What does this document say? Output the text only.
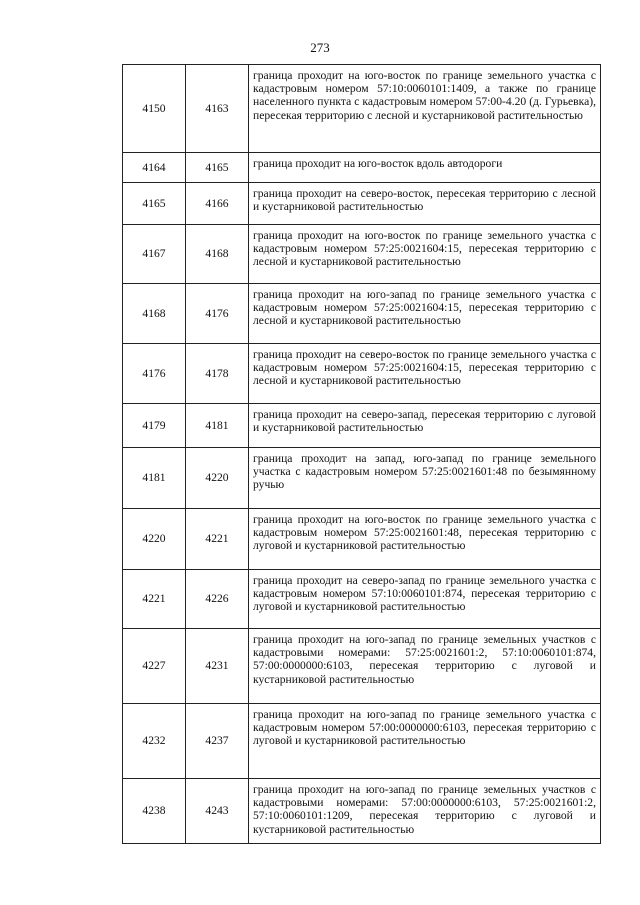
273
4150	4163	граница проходит на юго-восток по границе земельного участка с кадастровым номером 57:10:0060101:1409, а также по границе населенного пункта с кадастровым номером 57:00-4.20 (д. Гурьевка), пересекая территорию с лесной и кустарниковой растительностью
4164	4165	граница проходит на юго-восток вдоль автодороги
4165	4166	граница проходит на северо-восток, пересекая территорию с лесной и кустарниковой растительностью
4167	4168	граница проходит на юго-восток по границе земельного участка с кадастровым номером 57:25:0021604:15, пересекая территорию с лесной и кустарниковой растительностью
4168	4176	граница проходит на юго-запад по границе земельного участка с кадастровым номером 57:25:0021604:15, пересекая территорию с лесной и кустарниковой растительностью
4176	4178	граница проходит на северо-восток по границе земельного участка с кадастровым номером 57:25:0021604:15, пересекая территорию с лесной и кустарниковой растительностью
4179	4181	граница проходит на северо-запад, пересекая территорию с луговой и кустарниковой растительностью
4181	4220	граница проходит на запад, юго-запад по границе земельного участка с кадастровым номером 57:25:0021601:48 по безымянному ручью
4220	4221	граница проходит на юго-восток по границе земельного участка с кадастровым номером 57:25:0021601:48, пересекая территорию с луговой и кустарниковой растительностью
4221	4226	граница проходит на северо-запад по границе земельного участка с кадастровым номером 57:10:0060101:874, пересекая территорию с луговой и кустарниковой растительностью
4227	4231	граница проходит на юго-запад по границе земельных участков с кадастровыми номерами: 57:25:0021601:2, 57:10:0060101:874, 57:00:0000000:6103, пересекая территорию с луговой и кустарниковой растительностью
4232	4237	граница проходит на юго-запад по границе земельного участка с кадастровым номером 57:00:0000000:6103, пересекая территорию с луговой и кустарниковой растительностью
4238	4243	граница проходит на юго-запад по границе земельных участков с кадастровыми номерами: 57:00:0000000:6103, 57:25:0021601:2, 57:10:0060101:1209, пересекая территорию с луговой и кустарниковой растительностью
